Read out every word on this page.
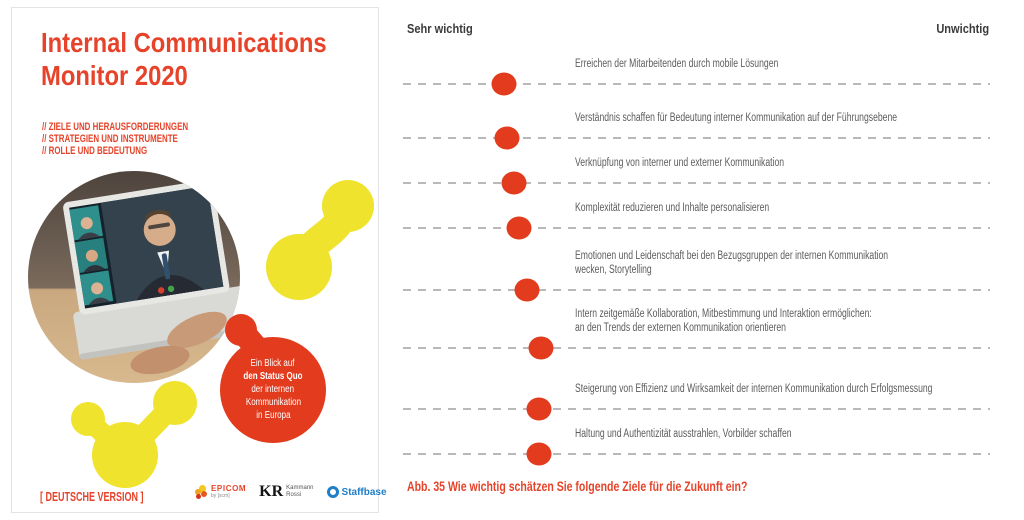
Internal Communications
Monitor 2020
// ZIELE UND HERAUSFORDERUNGEN
// STRATEGIEN UND INSTRUMENTE
// ROLLE UND BEDEUTUNG
Ein Blick auf
den Status Quo
der internen
Kommunikation
in Europa
[ DEUTSCHE VERSION ]
EPICOM
by [scm]	KR Kammann
Rossi	Staffbase
Sehr wichtig	Unwichtig
Erreichen der Mitarbeitenden durch mobile Lösungen
Verständnis schaffen für Bedeutung interner Kommunikation auf der Führungsebene
Verknüpfung von interner und externer Kommunikation
Komplexität reduzieren und Inhalte personalisieren
Emotionen und Leidenschaft bei den Bezugsgruppen der internen Kommunikation
wecken, Storytelling
Intern zeitgemäße Kollaboration, Mitbestimmung und Interaktion ermöglichen:
an den Trends der externen Kommunikation orientieren
Steigerung von Effizienz und Wirksamkeit der internen Kommunikation durch Erfolgsmessung
Haltung und Authentizität ausstrahlen, Vorbilder schaffen
Abb. 35 Wie wichtig schätzen Sie folgende Ziele für die Zukunft ein?
